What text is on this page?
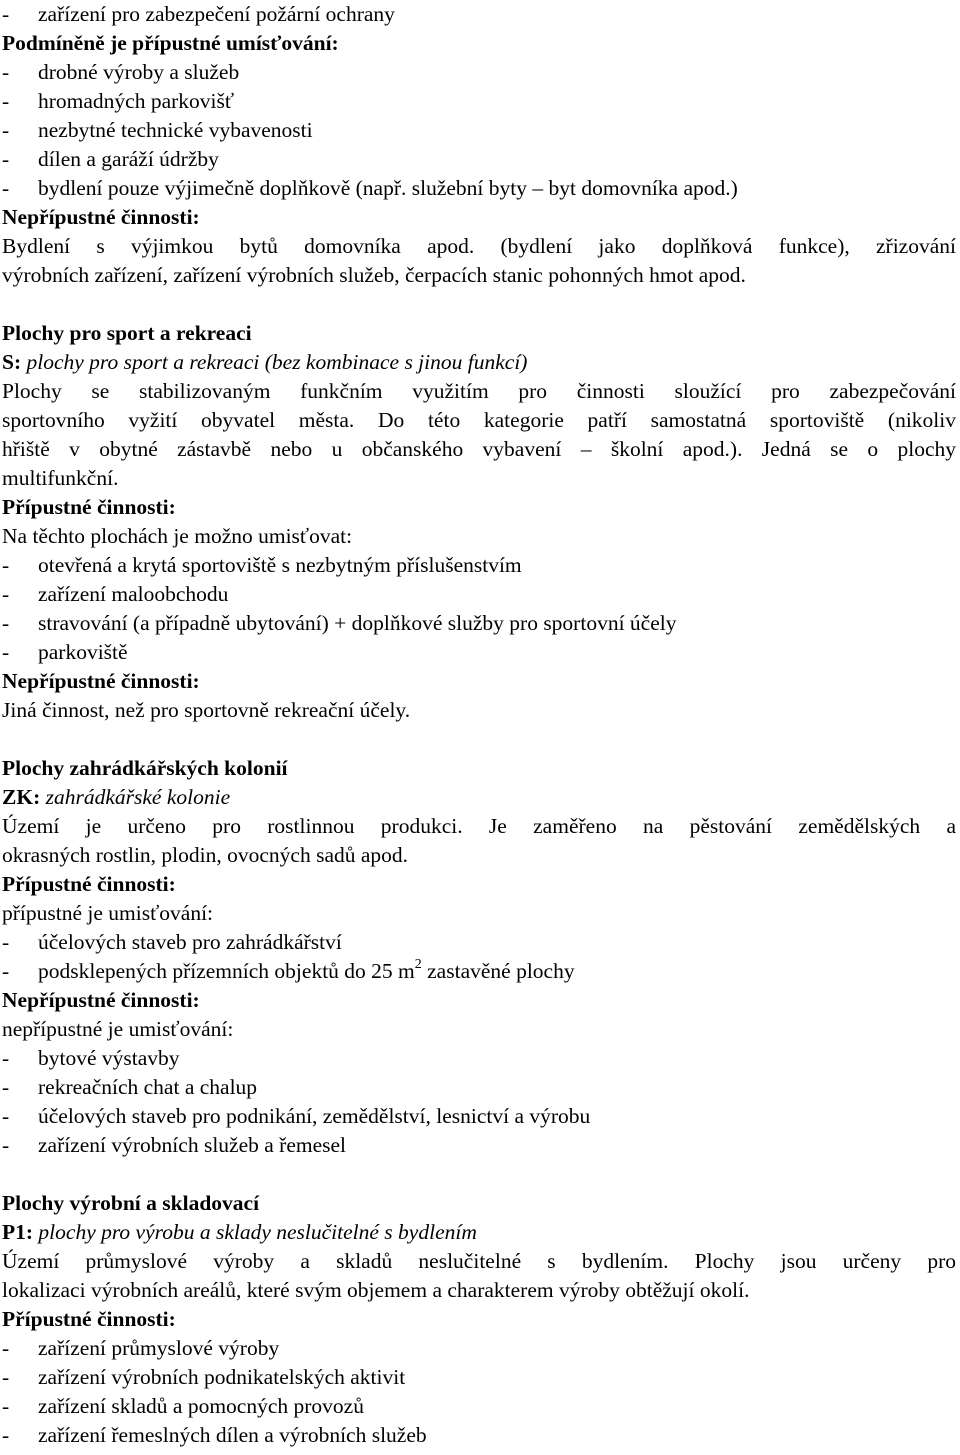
-	zařízení pro zabezpečení požární ochrany
Podmíněně je přípustné umísťování:
-	drobné výroby a služeb
-	hromadných parkovišť
-	nezbytné technické vybavenosti
-	dílen a garáží údržby
-	bydlení pouze výjimečně doplňkově (např. služební byty – byt domovníka apod.)
Nepřípustné činnosti:
Bydlení s výjimkou bytů domovníka apod. (bydlení jako doplňková funkce), zřizování
výrobních zařízení, zařízení výrobních služeb, čerpacích stanic pohonných hmot apod.
Plochy pro sport a rekreaci
S: plochy pro sport a rekreaci (bez kombinace s jinou funkcí)
Plochy se stabilizovaným funkčním využitím pro činnosti sloužící pro zabezpečování
sportovního vyžití obyvatel města. Do této kategorie patří samostatná sportoviště (nikoliv
hřiště v obytné zástavbě nebo u občanského vybavení – školní apod.). Jedná se o plochy
multifunkční.
Přípustné činnosti:
Na těchto plochách je možno umisťovat:
-	otevřená a krytá sportoviště s nezbytným příslušenstvím
-	zařízení maloobchodu
-	stravování (a případně ubytování) + doplňkové služby pro sportovní účely
-	parkoviště
Nepřípustné činnosti:
Jiná činnost, než pro sportovně rekreační účely.
Plochy zahrádkářských kolonií
ZK: zahrádkářské kolonie
Území je určeno pro rostlinnou produkci. Je zaměřeno na pěstování zemědělských a
okrasných rostlin, plodin, ovocných sadů apod.
Přípustné činnosti:
přípustné je umisťování:
-	účelových staveb pro zahrádkářství
-	podsklepených přízemních objektů do 25 $m^2$ zastavěné plochy
Nepřípustné činnosti:
nepřípustné je umisťování:
-	bytové výstavby
-	rekreačních chat a chalup
-	účelových staveb pro podnikání, zemědělství, lesnictví a výrobu
-	zařízení výrobních služeb a řemesel
Plochy výrobní a skladovací
P1: plochy pro výrobu a sklady neslučitelné s bydlením
Území průmyslové výroby a skladů neslučitelné s bydlením. Plochy jsou určeny pro
lokalizaci výrobních areálů, které svým objemem a charakterem výroby obtěžují okolí.
Přípustné činnosti:
-	zařízení průmyslové výroby
-	zařízení výrobních podnikatelských aktivit
-	zařízení skladů a pomocných provozů
-	zařízení řemeslných dílen a výrobních služeb
